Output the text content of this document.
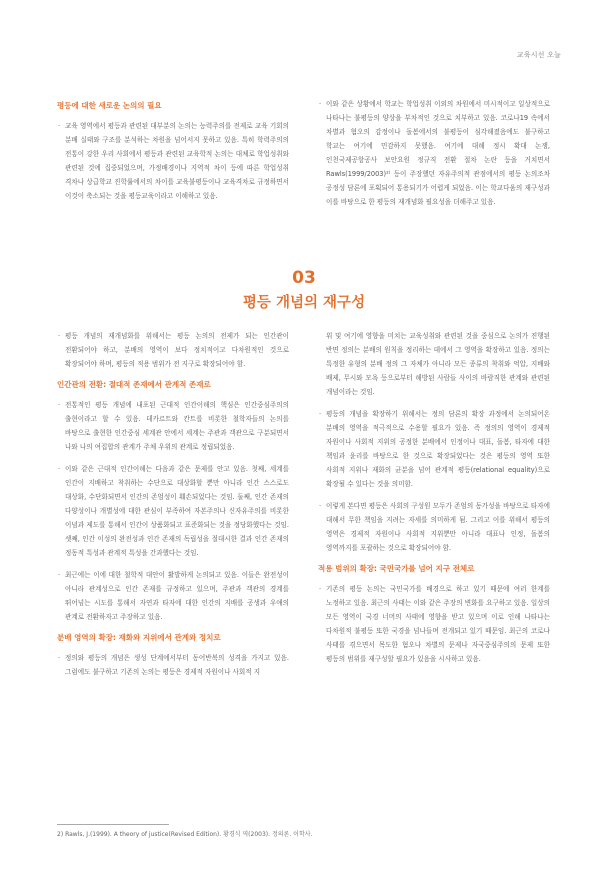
교육시선 오늘
평등에 대한 새로운 논의의 필요
· 교육 영역에서 평등과 관련된 대부분의 논의는 능력주의를 전제로 교육 기회의 분배 실태와 구조를 분석하는 차원을 넘어서지 못하고 있음. 특히 학력주의의 전통이 강한 우리 사회에서 평등과 관련된 교육학적 논의는 대체로 학업성취와 관련된 것에 집중되었으며, 가정배경이나 지역적 차이 등에 따른 학업성취 격차나 상급학교 진학률에서의 차이를 교육불평등이나 교육격차로 규정하면서 이것이 축소되는 것을 평등교육이라고 이해하고 있음.
· 이와 같은 상황에서 학교는 학업성취 이외의 차원에서 미시적이고 일상적으로 나타나는 불평등의 양상을 부차적인 것으로 치부하고 있음. 코로나19 속에서 차별과 혐오의 감정이나 돌봄에서의 불평등이 심각해졌음에도 불구하고 학교는 여기에 민감하지 못했음. 여기에 대해 정시 확대 논쟁, 인천국제공항공사 보안요원 정규직 전환 절차 논란 등을 거치면서 Rawls(1999/2003)²⁾ 등이 주장했던 자유주의적 관점에서의 평등 논의조차 공정성 담론에 포획되어 통용되기가 어렵게 되었음. 이는 학교다움의 재구성과 이를 바탕으로 한 평등의 재개념화 필요성을 더해주고 있음.
03
평등 개념의 재구성
· 평등 개념의 재개념화를 위해서는 평등 논의의 전제가 되는 인간관이 전환되어야 하고, 분배의 영역이 보다 정치적이고 다차원적인 것으로 확장되어야 하며, 평등의 적용 범위가 전 지구로 확장되어야 함.
인간관의 전환: 절대적 존재에서 관계적 존재로
· 전통적인 평등 개념에 내포된 근대적 인간이해의 핵심은 인간중심주의의 출현이라고 할 수 있음. 데카르트와 칸트를 비롯한 철학자들의 논의를 바탕으로 출현한 인간중심 세계관 안에서 세계는 주관과 객관으로 구분되면서 나와 나의 여집합의 관계가 주체 우위의 관계로 정립되었음.
· 이와 같은 근대적 인간이해는 다음과 같은 문제를 안고 있음. 첫째, 세계를 인간이 지배하고 착취하는 수단으로 대상화할 뿐만 아니라 인간 스스로도 대상화, 수단화되면서 인간의 존엄성이 훼손되었다는 것임. 둘째, 인간 존재의 다양성이나 개별성에 대한 관심이 부족하여 자본주의나 신자유주의를 비롯한 이념과 제도를 통해서 인간이 상품화되고 표준화되는 것을 정당화했다는 것임. 셋째, 인간 이성의 완전성과 인간 존재의 독립성을 절대시한 결과 인간 존재의 정동적 특성과 관계적 특성을 간과했다는 것임.
· 최근에는 이에 대한 철학적 대안이 활발하게 논의되고 있음. 이들은 완전성이 아니라 관계성으로 인간 존재를 규정하고 있으며, 주관과 객관의 경계를 뛰어넘는 시도를 통해서 자연과 타자에 대한 인간의 지배를 공생과 우애의 관계로 전환하자고 주장하고 있음.
분배 영역의 확장: 재화와 지위에서 관계와 정치로
· 정의와 평등의 개념은 생성 단계에서부터 동어반복의 성격을 가지고 있음. 그럼에도 불구하고 기존의 논의는 평등은 경제적 자원이나 사회적 지
위 및 여기에 영향을 미치는 교육성취와 관련된 것을 중심으로 논의가 진행된 반면 정의는 분배의 원칙을 정리하는 데에서 그 영역을 확장하고 있음. 정의는 특정한 유형의 분배 정의 그 자체가 아니라 모든 종류의 착취와 억압, 지배와 배제, 무시와 모욕 등으로부터 해방된 사람들 사이의 바람직한 관계와 관련된 개념이라는 것임.
· 평등의 개념을 확장하기 위해서는 정의 담론의 확장 과정에서 논의되어온 분배의 영역을 적극적으로 수용할 필요가 있음. 즉 정의의 영역이 경제적 자원이나 사회적 지위의 공정한 분배에서 인정이나 대표, 돌봄, 타자에 대한 책임과 윤리를 바탕으로 한 것으로 확장되었다는 것은 평등의 영역 또한 사회적 지위나 재화의 균분을 넘어 관계적 평등(relational equality)으로 확장될 수 있다는 것을 의미함.
· 이렇게 본다면 평등은 사회의 구성원 모두가 존엄의 동가성을 바탕으로 타자에 대해서 무한 책임을 지려는 자세를 의미하게 됨. 그리고 이를 위해서 평등의 영역은 경제적 자원이나 사회적 지위뿐만 아니라 대표나 인정, 돌봄의 영역까지를 포괄하는 것으로 확장되어야 함.
적용 범위의 확장: 국민국가를 넘어 지구 전체로
· 기존의 평등 논의는 국민국가를 배경으로 하고 있기 때문에 여러 한계를 노정하고 있음. 최근의 사태는 이와 같은 주장의 변화를 요구하고 있음. 일상의 모든 영역이 국경 너머의 사태에 영향을 받고 있으며 이로 인해 나타나는 다차원적 불평등 또한 국경을 넘나들며 전개되고 있기 때문임. 최근의 코로나 사태를 겪으면서 목도한 혐오나 차별의 문제나 자국중심주의의 문제 또한 평등의 범위를 재구성할 필요가 있음을 시사하고 있음.
2) Rawls, J.(1999). A theory of justice(Revised Edition). 황경식 역(2003). 정의론. 이학사.
